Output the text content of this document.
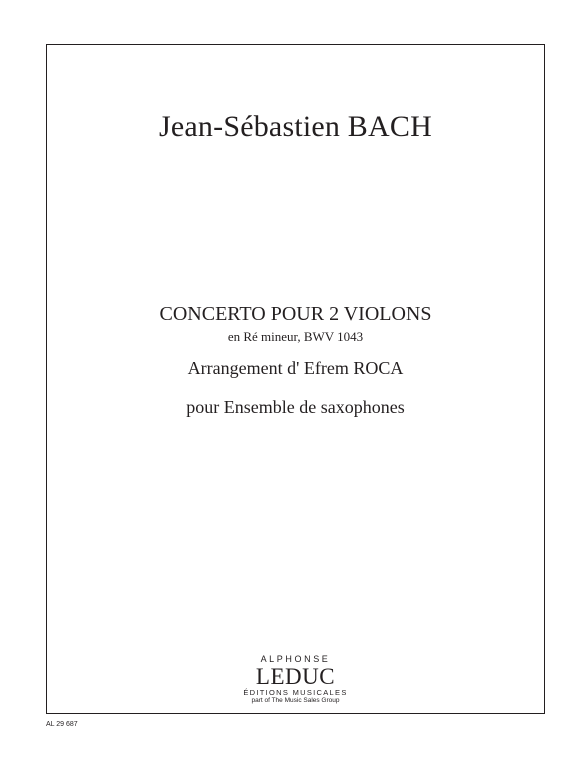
Jean-Sébastien BACH
CONCERTO POUR 2 VIOLONS
en Ré mineur, BWV 1043
Arrangement d' Efrem ROCA
pour Ensemble de saxophones
ALPHONSE
LEDUC
ÉDITIONS MUSICALES
part of The Music Sales Group
AL 29 687
